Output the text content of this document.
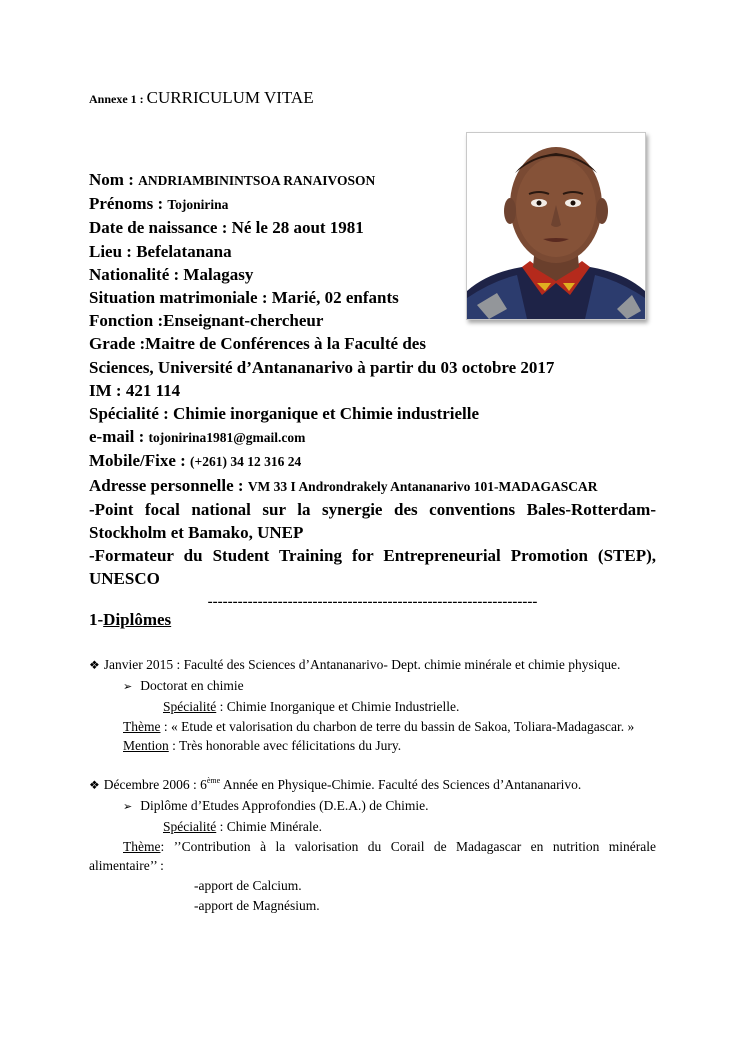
Annexe 1 : CURRICULUM VITAE
Nom : ANDRIAMBININTSOA RANAIVOSON
Prénoms : Tojonirina
Date de naissance : Né le 28 aout 1981
Lieu : Befelatanana
Nationalité : Malagasy
Situation matrimoniale : Marié, 02 enfants
Fonction :Enseignant-chercheur
Grade :Maitre de Conférences à la Faculté des
Sciences, Université d’Antananarivo à partir du 03 octobre 2017
IM : 421 114
Spécialité : Chimie inorganique et Chimie industrielle
e-mail : tojonirina1981@gmail.com
Mobile/Fixe : (+261) 34 12 316 24
Adresse personnelle : VM 33 I Androndrakely Antananarivo 101-MADAGASCAR
-Point focal national sur la synergie des conventions Bales-Rotterdam-Stockholm et Bamako, UNEP
-Formateur du Student Training for Entrepreneurial Promotion (STEP), UNESCO
------------------------------------------------------------------
1-Diplômes

❖ Janvier 2015 : Faculté des Sciences d’Antananarivo- Dept. chimie minérale et chimie physique.

➢ Doctorat en chimie

Spécialité : Chimie Inorganique et Chimie Industrielle.

Thème : « Etude et valorisation du charbon de terre du bassin de Sakoa, Toliara-Madagascar. »

Mention : Très honorable avec félicitations du Jury.

❖ Décembre 2006 : 6ème Année en Physique-Chimie. Faculté des Sciences d’Antananarivo.

➢ Diplôme d’Etudes Approfondies (D.E.A.) de Chimie.

Spécialité : Chimie Minérale.

Thème: ’’Contribution à la valorisation du Corail de Madagascar en nutrition minérale alimentaire’’ :

-apport de Calcium.

-apport de Magnésium.
